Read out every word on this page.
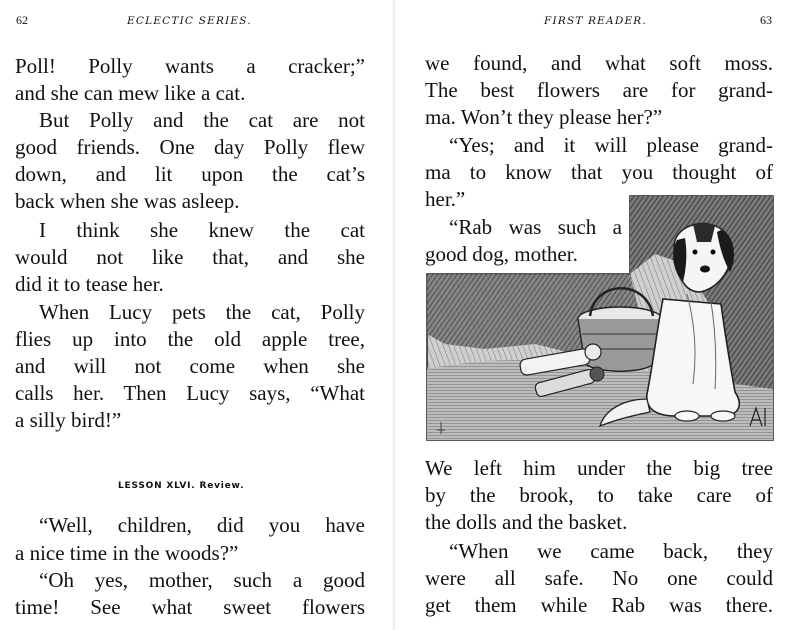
62	ECLECTIC SERIES.
Poll! Polly wants a cracker;”
and she can mew like a cat.
But Polly and the cat are not
good friends. One day Polly flew
down, and lit upon the cat’s
back when she was asleep.
I think she knew the cat
would not like that, and she
did it to tease her.
When Lucy pets the cat, Polly
flies up into the old apple tree,
and will not come when she
calls her. Then Lucy says, “What
a silly bird!”
LESSON XLVI. Review.
“Well, children, did you have
a nice time in the woods?”
“Oh yes, mother, such a good
time! See what sweet flowers
FIRST READER.	63
we found, and what soft moss.
The best flowers are for grand-
ma. Won’t they please her?”
“Yes; and it will please grand-
ma to know that you thought of
her.”
“Rab was such a
good dog, mother.
We left him under the big tree
by the brook, to take care of
the dolls and the basket.
“When we came back, they
were all safe. No one could
get them while Rab was there.
